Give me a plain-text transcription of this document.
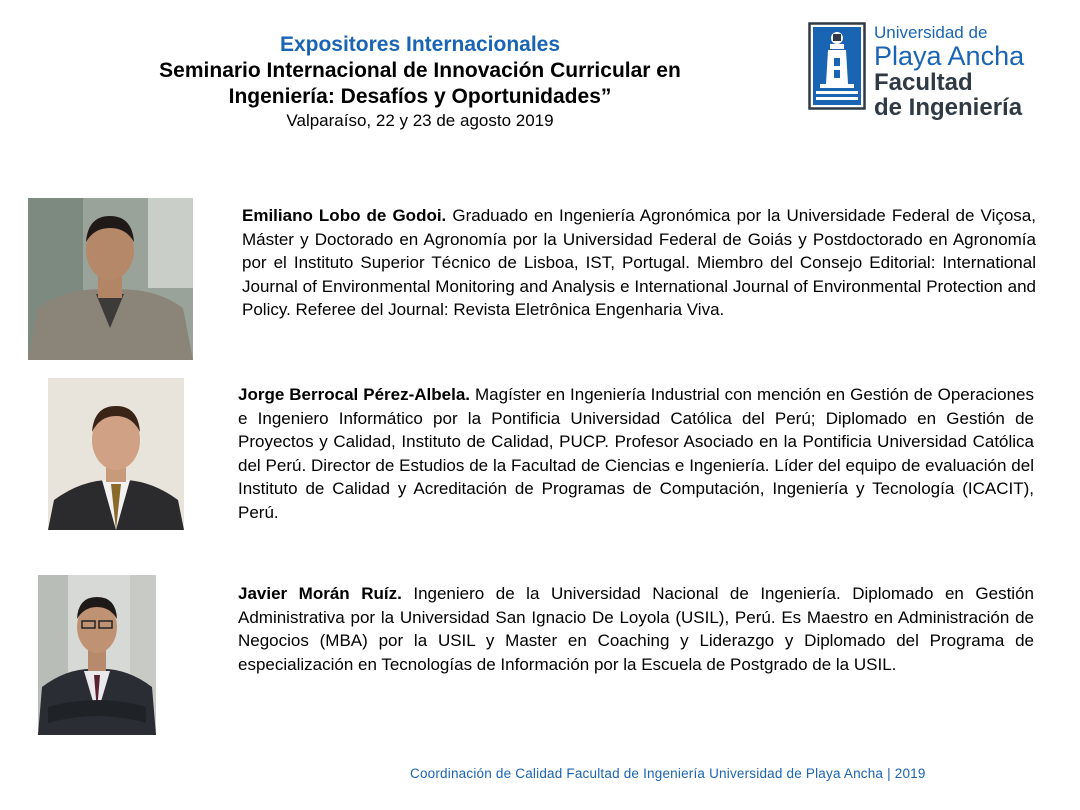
Expositores Internacionales
Seminario Internacional de Innovación Curricular en
Ingeniería: Desafíos y Oportunidades”
Valparaíso, 22 y 23 de agosto 2019
Universidad de
Playa Ancha
Facultad
de Ingeniería
Emiliano Lobo de Godoi. Graduado en Ingeniería Agronómica por la Universidade Federal de Viçosa, Máster y Doctorado en Agronomía por la Universidad Federal de Goiás y Postdoctorado en Agronomía por el Instituto Superior Técnico de Lisboa, IST, Portugal. Miembro del Consejo Editorial: International Journal of Environmental Monitoring and Analysis e International Journal of Environmental Protection and Policy. Referee del Journal: Revista Eletrônica Engenharia Viva.
Jorge Berrocal Pérez-Albela. Magíster en Ingeniería Industrial con mención en Gestión de Operaciones e Ingeniero Informático por la Pontificia Universidad Católica del Perú; Diplomado en Gestión de Proyectos y Calidad, Instituto de Calidad, PUCP. Profesor Asociado en la Pontificia Universidad Católica del Perú. Director de Estudios de la Facultad de Ciencias e Ingeniería. Líder del equipo de evaluación del Instituto de Calidad y Acreditación de Programas de Computación, Ingeniería y Tecnología (ICACIT), Perú.
Javier Morán Ruíz. Ingeniero de la Universidad Nacional de Ingeniería. Diplomado en Gestión Administrativa por la Universidad San Ignacio De Loyola (USIL), Perú. Es Maestro en Administración de Negocios (MBA) por la USIL y Master en Coaching y Liderazgo y Diplomado del Programa de especialización en Tecnologías de Información por la Escuela de Postgrado de la USIL.
Coordinación de Calidad Facultad de Ingeniería Universidad de Playa Ancha | 2019
